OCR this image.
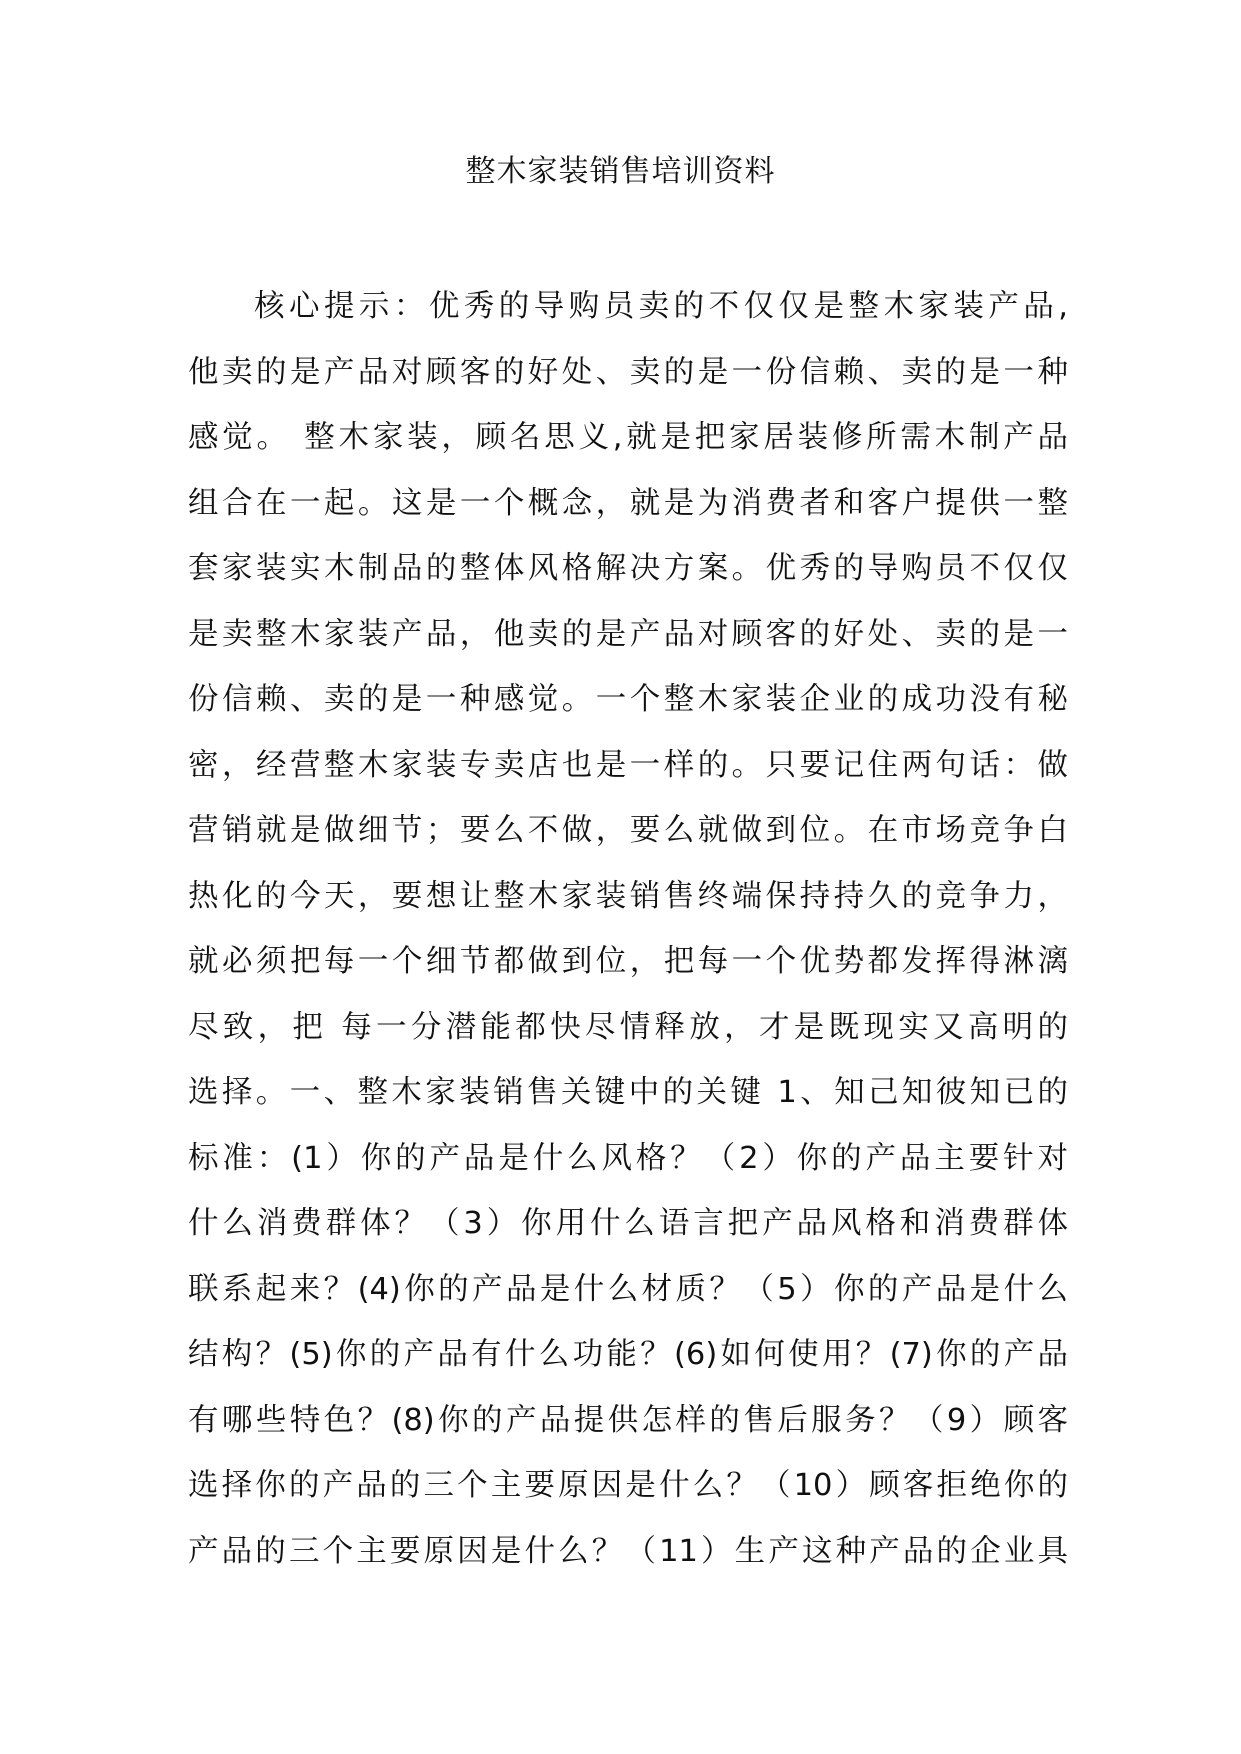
整木家装销售培训资料
核心提示：优秀的导购员卖的不仅仅是整木家装产品,
他卖的是产品对顾客的好处、卖的是一份信赖、卖的是一种
感觉。 整木家装，顾名思义,就是把家居装修所需木制产品
组合在一起。这是一个概念，就是为消费者和客户提供一整
套家装实木制品的整体风格解决方案。优秀的导购员不仅仅
是卖整木家装产品，他卖的是产品对顾客的好处、卖的是一
份信赖、卖的是一种感觉。一个整木家装企业的成功没有秘
密，经营整木家装专卖店也是一样的。只要记住两句话：做
营销就是做细节；要么不做，要么就做到位。在市场竞争白
热化的今天，要想让整木家装销售终端保持持久的竞争力，
就必须把每一个细节都做到位，把每一个优势都发挥得淋漓
尽致，把 每一分潜能都快尽情释放，才是既现实又高明的
选择。一、整木家装销售关键中的关键 1、知己知彼知已的
标准：(1）你的产品是什么风格？（2）你的产品主要针对
什么消费群体？（3）你用什么语言把产品风格和消费群体
联系起来？(4)你的产品是什么材质？（5）你的产品是什么
结构？(5)你的产品有什么功能？(6)如何使用？(7)你的产品
有哪些特色？(8)你的产品提供怎样的售后服务？（9）顾客
选择你的产品的三个主要原因是什么？（10）顾客拒绝你的
产品的三个主要原因是什么？（11）生产这种产品的企业具
